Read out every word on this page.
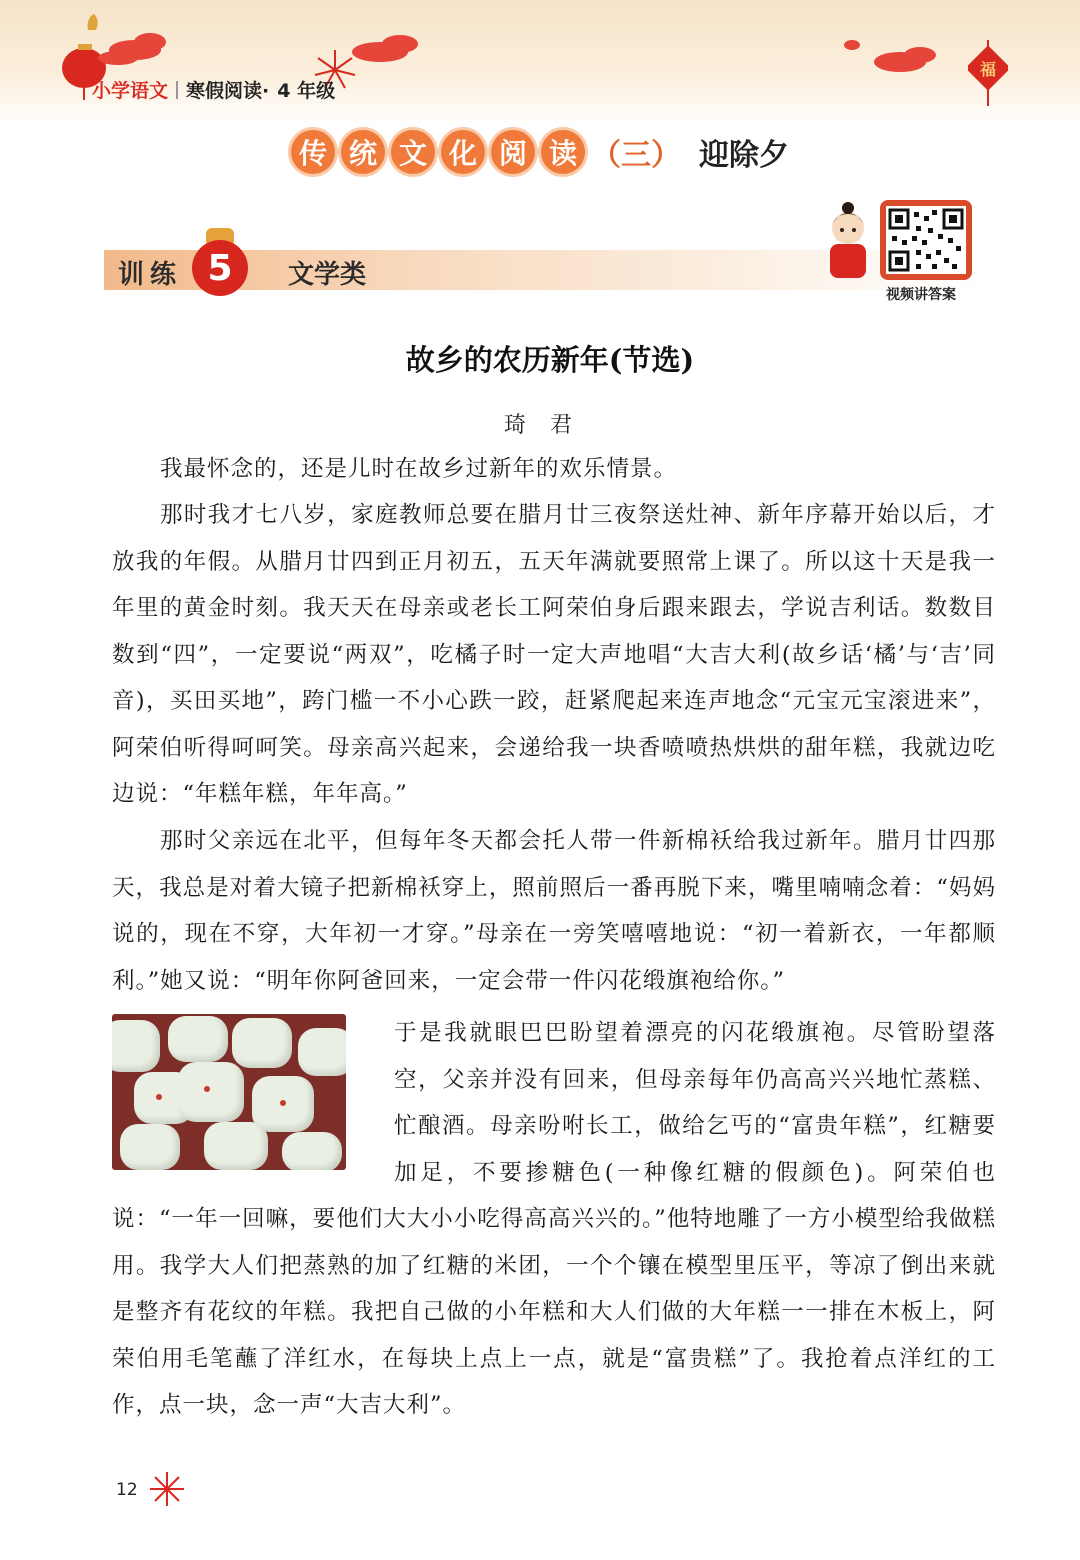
福
小学语文 寒假阅读· 4 年级
传 统 文 化 阅 读 （三） 迎除夕
训练 5	文学类
视频讲答案
故乡的农历新年(节选)
琦君

我最怀念的，还是儿时在故乡过新年的欢乐情景。

那时我才七八岁，家庭教师总要在腊月廿三夜祭送灶神、新年序幕开始以后，才放我的年假。从腊月廿四到正月初五，五天年满就要照常上课了。所以这十天是我一年里的黄金时刻。我天天在母亲或老长工阿荣伯身后跟来跟去，学说吉利话。数数目数到“四”，一定要说“两双”，吃橘子时一定大声地唱“大吉大利(故乡话‘橘’与‘吉’同音)，买田买地”，跨门槛一不小心跌一跤，赶紧爬起来连声地念“元宝元宝滚进来”，阿荣伯听得呵呵笑。母亲高兴起来，会递给我一块香喷喷热烘烘的甜年糕，我就边吃边说：“年糕年糕，年年高。”

那时父亲远在北平，但每年冬天都会托人带一件新棉袄给我过新年。腊月廿四那天，我总是对着大镜子把新棉袄穿上，照前照后一番再脱下来，嘴里喃喃念着：“妈妈说的，现在不穿，大年初一才穿。”母亲在一旁笑嘻嘻地说：“初一着新衣，一年都顺利。”她又说：“明年你阿爸回来，一定会带一件闪花缎旗袍给你。”

于是我就眼巴巴盼望着漂亮的闪花缎旗袍。尽管盼望落空，父亲并没有回来，但母亲每年仍高高兴兴地忙蒸糕、忙酿酒。母亲吩咐长工，做给乞丐的“富贵年糕”，红糖要加足，不要掺糖色(一种像红糖的假颜色)。阿荣伯也说：“一年一回嘛，要他们大大小小吃得高高兴兴的。”他特地雕了一方小模型给我做糕用。我学大人们把蒸熟的加了红糖的米团，一个个镶在模型里压平，等凉了倒出来就是整齐有花纹的年糕。我把自己做的小年糕和大人们做的大年糕一一排在木板上，阿荣伯用毛笔蘸了洋红水，在每块上点上一点，就是“富贵糕”了。我抢着点洋红的工作，点一块，念一声“大吉大利”。
12
